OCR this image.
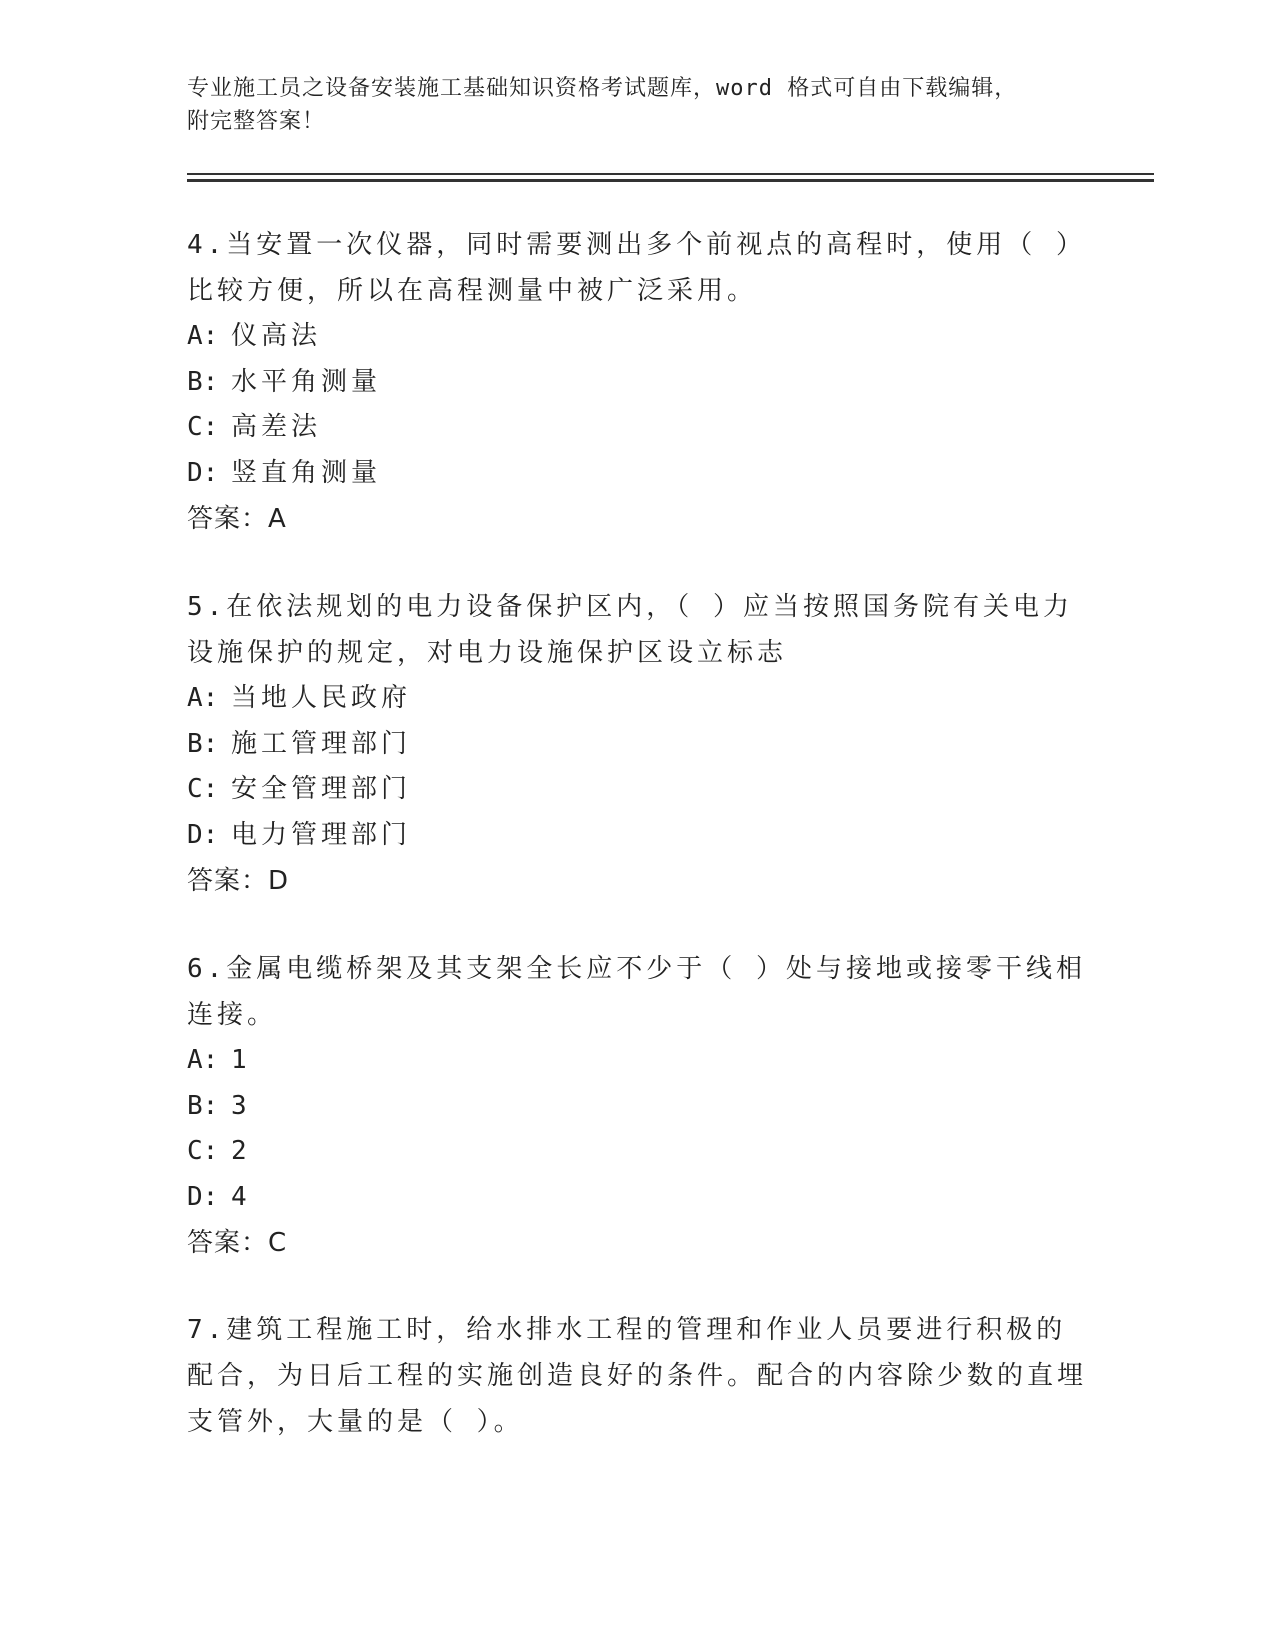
专业施工员之设备安装施工基础知识资格考试题库，word 格式可自由下载编辑，
附完整答案！

4.当安置一次仪器，同时需要测出多个前视点的高程时，使用（ ）比较方便，所以在高程测量中被广泛采用。

A: 仪高法

B: 水平角测量

C: 高差法

D: 竖直角测量

答案：A

5.在依法规划的电力设备保护区内，（ ）应当按照国务院有关电力设施保护的规定，对电力设施保护区设立标志

A: 当地人民政府

B: 施工管理部门

C: 安全管理部门

D: 电力管理部门

答案：D

6.金属电缆桥架及其支架全长应不少于（ ）处与接地或接零干线相连接。

A: 1

B: 3

C: 2

D: 4

答案：C

7.建筑工程施工时，给水排水工程的管理和作业人员要进行积极的配合，为日后工程的实施创造良好的条件。配合的内容除少数的直埋支管外，大量的是（ ）。
